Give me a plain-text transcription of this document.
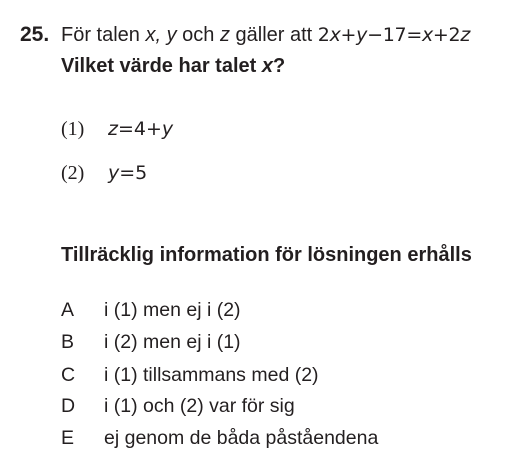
25. För talen x, y och z gäller att 2x+y−17=x+2z
Vilket värde har talet x?
(1) z=4+y
(2) y=5
Tillräcklig information för lösningen erhålls
A i (1) men ej i (2)
B i (2) men ej i (1)
C i (1) tillsammans med (2)
D i (1) och (2) var för sig
E ej genom de båda påståendena
